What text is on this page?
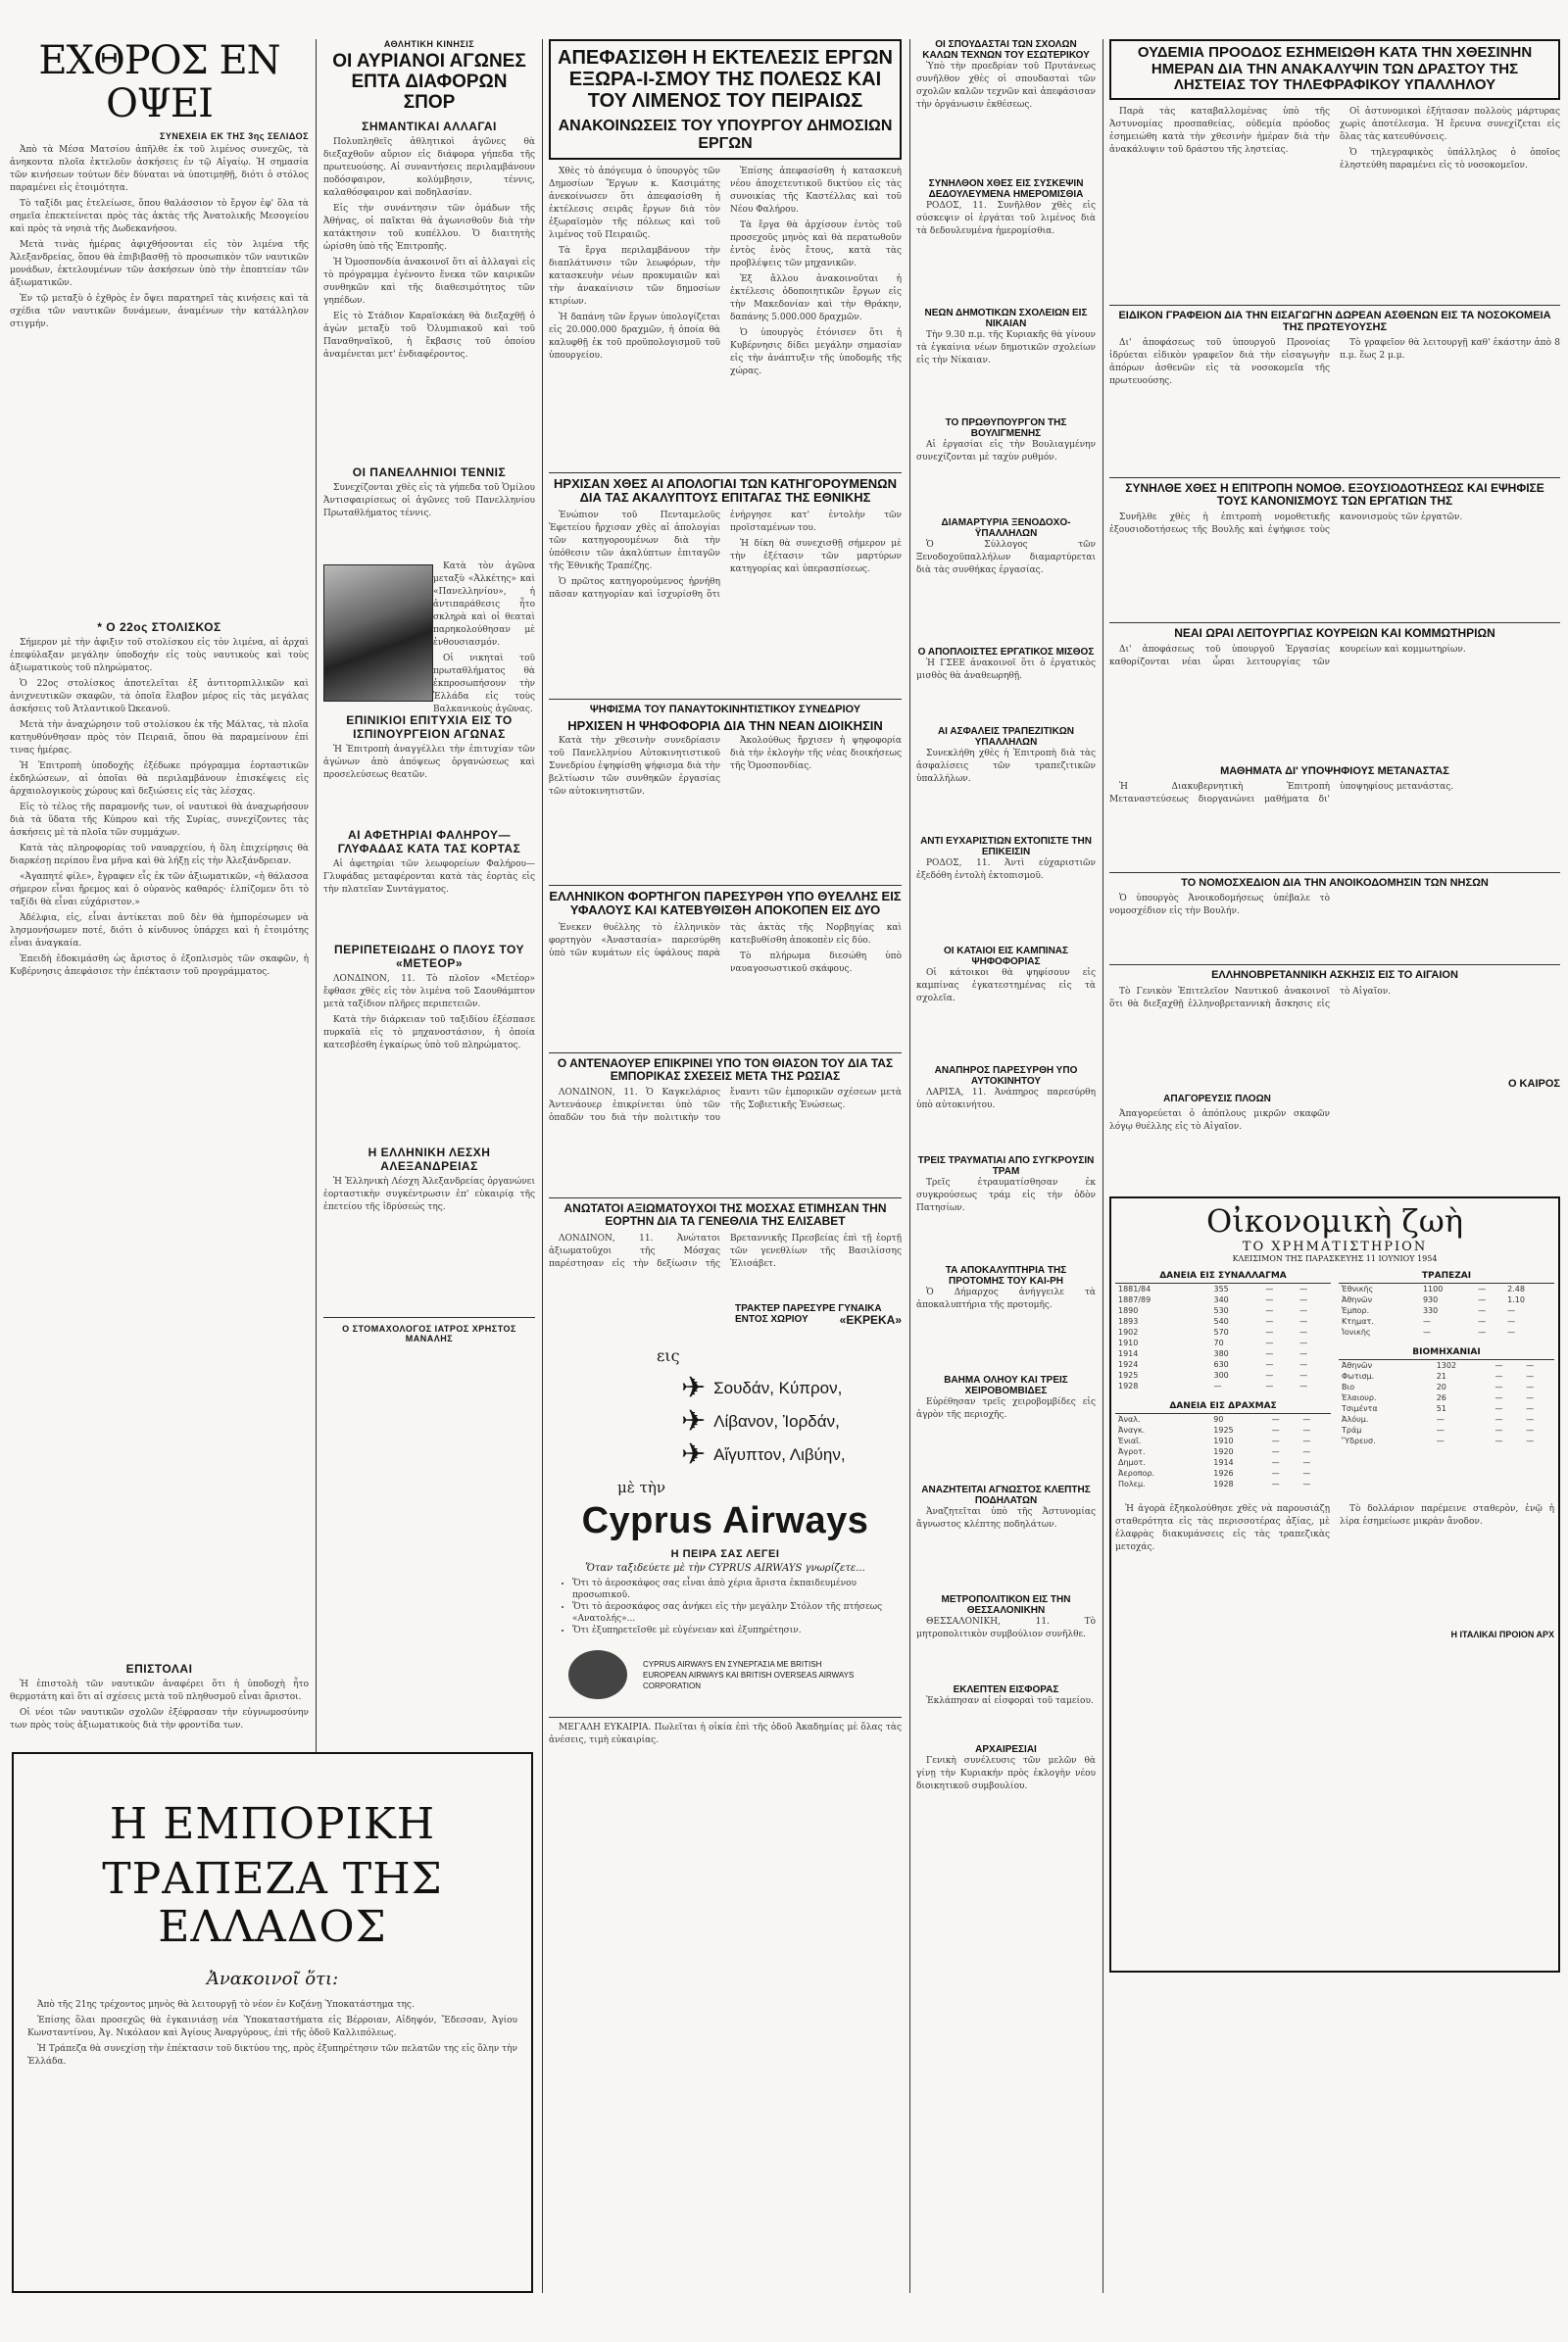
ΕΧΘΡΟΣ ΕΝ ΟΨΕΙ
ΣΥΝΕΧΕΙΑ ΕΚ ΤΗΣ 3ης ΣΕΛΙΔΟΣ

Ἀπὸ τὰ Μέσα Ματσίου ἀπῆλθε ἐκ τοῦ λιμένος συνεχῶς, τὰ ἀνηκοντα πλοῖα ἐκτελοῦν ἀσκήσεις ἐν τῷ Αἰγαίῳ. Ἡ σημασία τῶν κινήσεων τούτων δὲν δύναται νὰ ὑποτιμηθῇ, διότι ὁ στόλος παραμένει εἰς ἐτοιμότητα.

Τὸ ταξίδι μας ἐτελείωσε, ὅπου θαλάσσιον τὸ ἔργον ἐφ' ὅλα τὰ σημεῖα ἐπεκτείνεται πρὸς τὰς ἀκτὰς τῆς Ἀνατολικῆς Μεσογείου καὶ πρὸς τὰ νησιὰ τῆς Δωδεκανήσου.

Μετὰ τινὰς ἡμέρας ἀφιχθήσονται εἰς τὸν λιμένα τῆς Ἀλεξανδρείας, ὅπου θὰ ἐπιβιβασθῇ τὸ προσωπικὸν τῶν ναυτικῶν μονάδων, ἐκτελουμένων τῶν ἀσκήσεων ὑπὸ τὴν ἐποπτείαν τῶν ἀξιωματικῶν.

Ἐν τῷ μεταξὺ ὁ ἐχθρὸς ἐν ὄψει παρατηρεῖ τὰς κινήσεις καὶ τὰ σχέδια τῶν ναυτικῶν δυνάμεων, ἀναμένων τὴν κατάλληλον στιγμήν.

* Ο 22ος ΣΤΟΛΙΣΚΟΣ

Σήμερον μὲ τὴν ἀφιξιν τοῦ στολίσκου εἰς τὸν λιμένα, αἱ ἀρχαὶ ἐπεφύλαξαν μεγάλην ὑποδοχήν εἰς τοὺς ναυτικοὺς καὶ τοὺς ἀξιωματικοὺς τοῦ πληρώματος.

Ὁ 22ος στολίσκος ἀποτελεῖται ἐξ ἀντιτορπιλλικῶν καὶ ἀνιχνευτικῶν σκαφῶν, τὰ ὁποῖα ἔλαβον μέρος εἰς τὰς μεγάλας ἀσκήσεις τοῦ Ἀτλαντικοῦ Ὠκεανοῦ.

Μετὰ τὴν ἀναχώρησιν τοῦ στολίσκου ἐκ τῆς Μάλτας, τὰ πλοῖα κατηυθύνθησαν πρὸς τὸν Πειραιᾶ, ὅπου θὰ παραμείνουν ἐπί τινας ἡμέρας.

Ἡ Ἐπιτροπὴ ὑποδοχῆς ἐξέδωκε πρόγραμμα ἑορταστικῶν ἐκδηλώσεων, αἱ ὁποῖαι θὰ περιλαμβάνουν ἐπισκέψεις εἰς ἀρχαιολογικοὺς χώρους καὶ δεξιώσεις εἰς τὰς λέσχας.

Εἰς τὸ τέλος τῆς παραμονῆς των, οἱ ναυτικοὶ θὰ ἀναχωρήσουν διὰ τὰ ὕδατα τῆς Κύπρου καὶ τῆς Συρίας, συνεχίζοντες τὰς ἀσκήσεις μὲ τὰ πλοῖα τῶν συμμάχων.

Κατὰ τὰς πληροφορίας τοῦ ναυαρχείου, ἡ ὅλη ἐπιχείρησις θὰ διαρκέσῃ περίπου ἕνα μῆνα καὶ θὰ λήξῃ εἰς τὴν Ἀλεξάνδρειαν.

«Ἀγαπητέ φίλε», ἔγραφεν εἷς ἐκ τῶν ἀξιωματικῶν, «ἡ θάλασσα σήμερον εἶναι ἤρεμος καὶ ὁ οὐρανὸς καθαρός· ἐλπίζομεν ὅτι τὸ ταξίδι θὰ εἶναι εὐχάριστον.»

Ἀδέλφια, εἰς, εἶναι ἀντίκεται ποῦ δὲν θὰ ἠμπορέσωμεν νὰ λησμονήσωμεν ποτέ, διότι ὁ κίνδυνος ὑπάρχει καὶ ἡ ἐτοιμότης εἶναι ἀναγκαία.

Ἐπειδὴ ἐδοκιμάσθη ὡς ἄριστος ὁ ἐξοπλισμὸς τῶν σκαφῶν, ἡ Κυβέρνησις ἀπεφάσισε τὴν ἐπέκτασιν τοῦ προγράμματος.

ΕΠΙΣΤΟΛΑΙ

Ἡ ἐπιστολὴ τῶν ναυτικῶν ἀναφέρει ὅτι ἡ ὑποδοχὴ ἦτο θερμοτάτη καὶ ὅτι αἱ σχέσεις μετὰ τοῦ πληθυσμοῦ εἶναι ἄριστοι.

Οἱ νέοι τῶν ναυτικῶν σχολῶν ἐξέφρασαν τὴν εὐγνωμοσύνην των πρὸς τοὺς ἀξιωματικοὺς διὰ τὴν φροντίδα των.

ΑΘΛΗΤΙΚΗ ΚΙΝΗΣΙΣ
ΟΙ ΑΥΡΙΑΝΟΙ ΑΓΩΝΕΣ ΕΠΤΑ ΔΙΑΦΟΡΩΝ ΣΠΟΡ
ΣΗΜΑΝΤΙΚΑΙ ΑΛΛΑΓΑΙ

Πολυπληθεῖς ἀθλητικοὶ ἀγῶνες θὰ διεξαχθοῦν αὔριον εἰς διάφορα γήπεδα τῆς πρωτευούσης. Αἱ συναντήσεις περιλαμβάνουν ποδόσφαιρον, κολύμβησιν, τέννις, καλαθόσφαιρον καὶ ποδηλασίαν.

Εἰς τὴν συνάντησιν τῶν ὁμάδων τῆς Ἀθήνας, οἱ παῖκται θὰ ἀγωνισθοῦν διὰ τὴν κατάκτησιν τοῦ κυπέλλου. Ὁ διαιτητὴς ὡρίσθη ὑπὸ τῆς Ἐπιτροπῆς.

Ἡ Ὁμοσπονδία ἀνακοινοῖ ὅτι αἱ ἀλλαγαὶ εἰς τὸ πρόγραμμα ἐγένοντο ἕνεκα τῶν καιρικῶν συνθηκῶν καὶ τῆς διαθεσιμότητος τῶν γηπέδων.

Εἰς τὸ Στάδιον Καραϊσκάκη θὰ διεξαχθῇ ὁ ἀγὼν μεταξὺ τοῦ Ὀλυμπιακοῦ καὶ τοῦ Παναθηναϊκοῦ, ἡ ἔκβασις τοῦ ὁποίου ἀναμένεται μετ' ἐνδιαφέροντος.

ΟΙ ΠΑΝΕΛΛΗΝΙΟΙ ΤΕΝΝΙΣ

Συνεχίζονται χθὲς εἰς τὰ γήπεδα τοῦ Ὁμίλου Ἀντισφαιρίσεως οἱ ἀγῶνες τοῦ Πανελληνίου Πρωταθλήματος τέννις.

Κατὰ τὸν ἀγῶνα μεταξὺ «Ἀλκέτης» καὶ «Πανελληνίου», ἡ ἀντιπαράθεσις ἦτο σκληρὰ καὶ οἱ θεαταὶ παρηκολούθησαν μὲ ἐνθουσιασμόν.

Οἱ νικηταὶ τοῦ πρωταθλήματος θὰ ἐκπροσωπήσουν τὴν Ἑλλάδα εἰς τοὺς Βαλκανικοὺς ἀγῶνας.

ΕΠΙΝΙΚΙΟΙ ΕΠΙΤΥΧΙΑ ΕΙΣ ΤΟ ΙΣΠΙΝΟΥΡΓΕΙΟΝ ΑΓΩΝΑΣ

Ἡ Ἐπιτροπὴ ἀναγγέλλει τὴν ἐπιτυχίαν τῶν ἀγώνων ἀπὸ ἀπόψεως ὀργανώσεως καὶ προσελεύσεως θεατῶν.

ΑΙ ΑΦΕΤΗΡΙΑΙ ΦΑΛΗΡΟΥ—ΓΛΥΦΑΔΑΣ ΚΑΤΑ ΤΑΣ ΚΟΡΤΑΣ

Αἱ ἀφετηρίαι τῶν λεωφορείων Φαλήρου—Γλυφάδας μεταφέρονται κατὰ τὰς ἑορτὰς εἰς τὴν πλατεῖαν Συντάγματος.

ΠΕΡΙΠΕΤΕΙΩΔΗΣ Ο ΠΛΟΥΣ ΤΟΥ «ΜΕΤΕΟΡ»

ΛΟΝΔΙΝΟΝ, 11. Τὸ πλοῖον «Μετέορ» ἔφθασε χθὲς εἰς τὸν λιμένα τοῦ Σαουθάμπτον μετὰ ταξίδιον πλῆρες περιπετειῶν.

Κατὰ τὴν διάρκειαν τοῦ ταξιδίου ἐξέσπασε πυρκαϊὰ εἰς τὸ μηχανοστάσιον, ἡ ὁποία κατεσβέσθη ἐγκαίρως ὑπὸ τοῦ πληρώματος.

Η ΕΛΛΗΝΙΚΗ ΛΕΣΧΗ ΑΛΕΞΑΝΔΡΕΙΑΣ

Ἡ Ἑλληνικὴ Λέσχη Ἀλεξανδρείας ὀργανώνει ἑορταστικὴν συγκέντρωσιν ἐπ' εὐκαιρίᾳ τῆς ἐπετείου τῆς ἱδρύσεώς της.

Ο ΣΤΟΜΑΧΟΛΟΓΟΣ ΙΑΤΡΟΣ ΧΡΗΣΤΟΣ ΜΑΝΑΛΗΣ
Η ΕΜΠΟΡΙΚΗ
ΤΡΑΠΕΖΑ ΤΗΣ ΕΛΛΑΔΟΣ
Ἀνακοινοῖ ὅτι:

Ἀπὸ τῆς 21ης τρέχοντος μηνὸς θὰ λειτουργῇ τὸ νέον ἐν Κοζάνῃ Ὑποκατάστημα της.

Ἐπίσης ὅλαι προσεχῶς θὰ ἐγκαινιάσῃ νέα Ὑποκαταστήματα εἰς Βέρροιαν, Αἰδηψόν, Ἔδεσσαν, Ἁγίου Κωνσταντίνου, Ἀγ. Νικόλαον καὶ Ἀγίους Ἀναργύρους, ἐπὶ τῆς ὁδοῦ Καλλιπόλεως.

Ἡ Τράπεζα θὰ συνεχίσῃ τὴν ἐπέκτασιν τοῦ δικτύου της, πρὸς ἐξυπηρέτησιν τῶν πελατῶν της εἰς ὅλην τὴν Ἑλλάδα.

ΑΠΕΦΑΣΙΣΘΗ Η ΕΚΤΕΛΕΣΙΣ ΕΡΓΩΝ ΕΞΩΡΑ-Ι-ΣΜΟΥ ΤΗΣ ΠΟΛΕΩΣ ΚΑΙ ΤΟΥ ΛΙΜΕΝΟΣ ΤΟΥ ΠΕΙΡΑΙΩΣ
ΑΝΑΚΟΙΝΩΣΕΙΣ ΤΟΥ ΥΠΟΥΡΓΟΥ ΔΗΜΟΣΙΩΝ ΕΡΓΩΝ

Χθὲς τὸ ἀπόγευμα ὁ ὑπουργὸς τῶν Δημοσίων Ἔργων κ. Κασιμάτης ἀνεκοίνωσεν ὅτι ἀπεφασίσθη ἡ ἐκτέλεσις σειρᾶς ἔργων διὰ τὸν ἐξωραϊσμὸν τῆς πόλεως καὶ τοῦ λιμένος τοῦ Πειραιῶς.

Τὰ ἔργα περιλαμβάνουν τὴν διαπλάτυνσιν τῶν λεωφόρων, τὴν κατασκευὴν νέων προκυμαιῶν καὶ τὴν ἀνακαίνισιν τῶν δημοσίων κτιρίων.

Ἡ δαπάνη τῶν ἔργων ὑπολογίζεται εἰς 20.000.000 δραχμῶν, ἡ ὁποία θὰ καλυφθῇ ἐκ τοῦ προϋπολογισμοῦ τοῦ ὑπουργείου.

Ἐπίσης ἀπεφασίσθη ἡ κατασκευὴ νέου ἀποχετευτικοῦ δικτύου εἰς τὰς συνοικίας τῆς Καστέλλας καὶ τοῦ Νέου Φαλήρου.

Τὰ ἔργα θὰ ἀρχίσουν ἐντὸς τοῦ προσεχοῦς μηνὸς καὶ θὰ περατωθοῦν ἐντὸς ἑνὸς ἔτους, κατὰ τὰς προβλέψεις τῶν μηχανικῶν.

Ἐξ ἄλλου ἀνακοινοῦται ἡ ἐκτέλεσις ὁδοποιητικῶν ἔργων εἰς τὴν Μακεδονίαν καὶ τὴν Θράκην, δαπάνης 5.000.000 δραχμῶν.

Ὁ ὑπουργὸς ἐτόνισεν ὅτι ἡ Κυβέρνησις δίδει μεγάλην σημασίαν εἰς τὴν ἀνάπτυξιν τῆς ὑποδομῆς τῆς χώρας.

ΗΡΧΙΣΑΝ ΧΘΕΣ ΑΙ ΑΠΟΛΟΓΙΑΙ ΤΩΝ ΚΑΤΗΓΟΡΟΥΜΕΝΩΝ ΔΙΑ ΤΑΣ ΑΚΑΛΥΠΤΟΥΣ ΕΠΙΤΑΓΑΣ ΤΗΣ ΕΘΝΙΚΗΣ

Ἐνώπιον τοῦ Πενταμελοῦς Ἐφετείου ἤρχισαν χθὲς αἱ ἀπολογίαι τῶν κατηγορουμένων διὰ τὴν ὑπόθεσιν τῶν ἀκαλύπτων ἐπιταγῶν τῆς Ἐθνικῆς Τραπέζης.

Ὁ πρῶτος κατηγορούμενος ἠρνήθη πᾶσαν κατηγορίαν καὶ ἰσχυρίσθη ὅτι ἐνήργησε κατ' ἐντολὴν τῶν προϊσταμένων του.

Ἡ δίκη θὰ συνεχισθῇ σήμερον μὲ τὴν ἐξέτασιν τῶν μαρτύρων κατηγορίας καὶ ὑπερασπίσεως.

ΨΗΦΙΣΜΑ ΤΟΥ ΠΑΝΑΥΤΟΚΙΝΗΤΙΣΤΙΚΟΥ ΣΥΝΕΔΡΙΟΥ
ΗΡΧΙΣΕΝ Η ΨΗΦΟΦΟΡΙΑ ΔΙΑ ΤΗΝ ΝΕΑΝ ΔΙΟΙΚΗΣΙΝ

Κατὰ τὴν χθεσινὴν συνεδρίασιν τοῦ Πανελληνίου Αὐτοκινητιστικοῦ Συνεδρίου ἐψηφίσθη ψήφισμα διὰ τὴν βελτίωσιν τῶν συνθηκῶν ἐργασίας τῶν αὐτοκινητιστῶν.

Ἀκολούθως ἤρχισεν ἡ ψηφοφορία διὰ τὴν ἐκλογὴν τῆς νέας διοικήσεως τῆς Ὁμοσπονδίας.

ΕΛΛΗΝΙΚΟΝ ΦΟΡΤΗΓΟΝ ΠΑΡΕΣΥΡΘΗ ΥΠΟ ΘΥΕΛΛΗΣ ΕΙΣ ΥΦΑΛΟΥΣ ΚΑΙ ΚΑΤΕΒΥΘΙΣΘΗ ΑΠΟΚΟΠΕΝ ΕΙΣ ΔΥΟ

Ἐνεκεν θυέλλης τὸ ἑλληνικὸν φορτηγὸν «Ἀναστασία» παρεσύρθη ὑπὸ τῶν κυμάτων εἰς ὑφάλους παρὰ τὰς ἀκτὰς τῆς Νορβηγίας καὶ κατεβυθίσθη ἀποκοπὲν εἰς δύο.

Τὸ πλήρωμα διεσώθη ὑπὸ ναυαγοσωστικοῦ σκάφους.

Ο ΑΝΤΕΝΑΟΥΕΡ ΕΠΙΚΡΙΝΕΙ ΥΠΟ ΤΟΝ ΘΙΑΣΟΝ ΤΟΥ ΔΙΑ ΤΑΣ ΕΜΠΟΡΙΚΑΣ ΣΧΕΣΕΙΣ ΜΕΤΑ ΤΗΣ ΡΩΣΙΑΣ

ΛΟΝΔΙΝΟΝ, 11. Ὁ Καγκελάριος Ἀντενάουερ ἐπικρίνεται ὑπὸ τῶν ὀπαδῶν του διὰ τὴν πολιτικὴν του ἔναντι τῶν ἐμπορικῶν σχέσεων μετὰ τῆς Σοβιετικῆς Ἑνώσεως.

ΑΝΩΤΑΤΟΙ ΑΞΙΩΜΑΤΟΥΧΟΙ ΤΗΣ ΜΟΣΧΑΣ ΕΤΙΜΗΣΑΝ ΤΗΝ ΕΟΡΤΗΝ ΔΙΑ ΤΑ ΓΕΝΕΘΛΙΑ ΤΗΣ ΕΛΙΣΑΒΕΤ

ΛΟΝΔΙΝΟΝ, 11. Ἀνώτατοι ἀξιωματοῦχοι τῆς Μόσχας παρέστησαν εἰς τὴν δεξίωσιν τῆς Βρεταννικῆς Πρεσβείας ἐπὶ τῇ ἑορτῇ τῶν γενεθλίων τῆς Βασιλίσσης Ἐλισάβετ.

ΤΡΑΚΤΕΡ ΠΑΡΕΣΥΡΕ ΓΥΝΑΙΚΑ ΕΝΤΟΣ ΧΩΡΙΟΥ	«ΕΚΡΕΚΑ»
εις
✈ Σουδάν, Κύπρον,
✈ Λίβανον, Ἰορδάν,
✈ Αἴγυπτον, Λιβύην,
μὲ τὴν
Cyprus Airways
Η ΠΕΙΡΑ ΣΑΣ ΛΕΓΕΙ
Ὅταν ταξιδεύετε μὲ τὴν CYPRUS AIRWAYS γνωρίζετε...
• Ὅτι τὸ ἀεροσκάφος σας εἶναι ἀπὸ χέρια ἄριστα ἐκπαιδευμένου προσωπικοῦ.
• Ὅτι τὸ ἀεροσκάφος σας ἀνήκει εἰς τὴν μεγάλην Στόλον τῆς πτήσεως «Ανατολής»...
• Ὅτι ἐξυπηρετεῖσθε μὲ εὐγένειαν καὶ ἐξυπηρέτησιν.
CYPRUS AIRWAYS ΕΝ ΣΥΝΕΡΓΑΣΙΑ ΜΕ BRITISH EUROPEAN AIRWAYS ΚΑΙ BRITISH OVERSEAS AIRWAYS CORPORATION

ΜΕΓΑΛΗ ΕΥΚΑΙΡΙΑ. Πωλεῖται ἡ οἰκία ἐπὶ τῆς ὁδοῦ Ἀκαδημίας μὲ ὅλας τὰς ἀνέσεις, τιμὴ εὐκαιρίας.

ΟΙ ΣΠΟΥΔΑΣΤΑΙ ΤΩΝ ΣΧΟΛΩΝ ΚΑΛΩΝ ΤΕΧΝΩΝ ΤΟΥ ΕΣΩΤΕΡΙΚΟΥ

Ὑπὸ τὴν προεδρίαν τοῦ Πρυτάνεως συνῆλθον χθὲς οἱ σπουδασταὶ τῶν σχολῶν καλῶν τεχνῶν καὶ ἀπεφάσισαν τὴν ὀργάνωσιν ἐκθέσεως.

ΣΥΝΗΛΘΟΝ ΧΘΕΣ ΕΙΣ ΣΥΣΚΕΨΙΝ ΔΕΔΟΥΛΕΥΜΕΝΑ ΗΜΕΡΟΜΙΣΘΙΑ

ΡΟΔΟΣ, 11. Συνῆλθον χθὲς εἰς σύσκεψιν οἱ ἐργάται τοῦ λιμένος διὰ τὰ δεδουλευμένα ἡμερομίσθια.

ΝΕΩΝ ΔΗΜΟΤΙΚΩΝ ΣΧΟΛΕΙΩΝ ΕΙΣ ΝΙΚΑΙΑΝ

Τὴν 9.30 π.μ. τῆς Κυριακῆς θὰ γίνουν τὰ ἐγκαίνια νέων δημοτικῶν σχολείων εἰς τὴν Νίκαιαν.

ΤΟ ΠΡΩΘΥΠΟΥΡΓΟΝ ΤΗΣ ΒΟΥΛΙΓΜΕΝΗΣ

Αἱ ἐργασίαι εἰς τὴν Βουλιαγμένην συνεχίζονται μὲ ταχὺν ρυθμόν.

ΔΙΑΜΑΡΤΥΡΙΑ ΞΕΝΟΔΟΧΟ-ΫΠΑΛΛΗΛΩΝ

Ὁ Σύλλογος τῶν Ξενοδοχοϋπαλλήλων διαμαρτύρεται διὰ τὰς συνθήκας ἐργασίας.

Ο ΑΠΟΠΛΟΙΣΤΕΣ ΕΡΓΑΤΙΚΟΣ ΜΙΣΘΟΣ

Ἡ ΓΣΕΕ ἀνακοινοῖ ὅτι ὁ ἐργατικὸς μισθὸς θὰ ἀναθεωρηθῇ.

ΑΙ ΑΣΦΑΛΕΙΣ ΤΡΑΠΕΖΙΤΙΚΩΝ ΥΠΑΛΛΗΛΩΝ

Συνεκλήθη χθὲς ἡ Ἐπιτροπὴ διὰ τὰς ἀσφαλίσεις τῶν τραπεζιτικῶν ὑπαλλήλων.

ΑΝΤΙ ΕΥΧΑΡΙΣΤΙΩΝ ΕΧΤΟΠΙΣΤΕ ΤΗΝ ΕΠΙΚΕΙΣΙΝ

ΡΟΔΟΣ, 11. Ἀντὶ εὐχαριστιῶν ἐξεδόθη ἐντολὴ ἐκτοπισμοῦ.

ΟΙ ΚΑΤΑΙΟΙ ΕΙΣ ΚΑΜΠΙΝΑΣ ΨΗΦΟΦΟΡΙΑΣ

Οἱ κάτοικοι θὰ ψηφίσουν εἰς καμπίνας ἐγκατεστημένας εἰς τὰ σχολεῖα.

ΑΝΑΠΗΡΟΣ ΠΑΡΕΣΥΡΘΗ ΥΠΟ ΑΥΤΟΚΙΝΗΤΟΥ

ΛΑΡΙΣΑ, 11. Ἀνάπηρος παρεσύρθη ὑπὸ αὐτοκινήτου.

ΤΡΕΙΣ ΤΡΑΥΜΑΤΙΑΙ ΑΠΟ ΣΥΓΚΡΟΥΣΙΝ ΤΡΑΜ

Τρεῖς ἐτραυματίσθησαν ἐκ συγκρούσεως τράμ εἰς τὴν ὁδὸν Πατησίων.

ΤΑ ΑΠΟΚΑΛΥΠΤΗΡΙΑ ΤΗΣ ΠΡΟΤΟΜΗΣ ΤΟΥ ΚΑΙ-ΡΗ

Ὁ Δήμαρχος ἀνήγγειλε τὰ ἀποκαλυπτήρια τῆς προτομῆς.

ΒΑΗΜΑ ΟΛΗΟΥ ΚΑΙ ΤΡΕΙΣ ΧΕΙΡΟΒΟΜΒΙΔΕΣ

Εὑρέθησαν τρεῖς χειροβομβίδες εἰς ἀγρὸν τῆς περιοχῆς.

ΑΝΑΖΗΤΕΙΤΑΙ ΑΓΝΩΣΤΟΣ ΚΛΕΠΤΗΣ ΠΟΔΗΛΑΤΩΝ

Ἀναζητεῖται ὑπὸ τῆς Ἀστυνομίας ἄγνωστος κλέπτης ποδηλάτων.

ΜΕΤΡΟΠΟΛΙΤΙΚΟΝ ΕΙΣ ΤΗΝ ΘΕΣΣΑΛΟΝΙΚΗΝ

ΘΕΣΣΑΛΟΝΙΚΗ, 11. Τὸ μητροπολιτικὸν συμβούλιον συνῆλθε.

ΕΚΛΕΠΤΕΝ ΕΙΣΦΟΡΑΣ

Ἐκλάπησαν αἱ εἰσφοραὶ τοῦ ταμείου.

ΑΡΧΑΙΡΕΣΙΑΙ

Γενικὴ συνέλευσις τῶν μελῶν θὰ γίνῃ τὴν Κυριακήν πρὸς ἐκλογὴν νέου διοικητικοῦ συμβουλίου.

ΟΥΔΕΜΙΑ ΠΡΟΟΔΟΣ ΕΣΗΜΕΙΩΘΗ ΚΑΤΑ ΤΗΝ ΧΘΕΣΙΝΗΝ ΗΜΕΡΑΝ ΔΙΑ ΤΗΝ ΑΝΑΚΑΛΥΨΙΝ ΤΩΝ ΔΡΑΣΤΟΥ ΤΗΣ ΛΗΣΤΕΙΑΣ ΤΟΥ ΤΗΛΕΦΡΑΦΙΚΟΥ ΥΠΑΛΛΗΛΟΥ

Παρὰ τὰς καταβαλλομένας ὑπὸ τῆς Ἀστυνομίας προσπαθείας, οὐδεμία πρόοδος ἐσημειώθη κατὰ τὴν χθεσινὴν ἡμέραν διὰ τὴν ἀνακάλυψιν τοῦ δράστου τῆς ληστείας.

Οἱ ἀστυνομικοὶ ἐξήτασαν πολλοὺς μάρτυρας χωρὶς ἀποτέλεσμα. Ἡ ἔρευνα συνεχίζεται εἰς ὅλας τὰς κατευθύνσεις.

Ὁ τηλεγραφικὸς ὑπάλληλος ὁ ὁποῖος ἐληστεύθη παραμένει εἰς τὸ νοσοκομεῖον.

ΕΙΔΙΚΟΝ ΓΡΑΦΕΙΟΝ ΔΙΑ ΤΗΝ ΕΙΣΑΓΩΓΗΝ ΔΩΡΕΑΝ ΑΣΘΕΝΩΝ ΕΙΣ ΤΑ ΝΟΣΟΚΟΜΕΙΑ ΤΗΣ ΠΡΩΤΕΥΟΥΣΗΣ

Δι' ἀποφάσεως τοῦ ὑπουργοῦ Προνοίας ἱδρύεται εἰδικὸν γραφεῖον διὰ τὴν εἰσαγωγὴν ἀπόρων ἀσθενῶν εἰς τὰ νοσοκομεῖα τῆς πρωτευούσης.

Τὸ γραφεῖον θὰ λειτουργῇ καθ' ἑκάστην ἀπὸ 8 π.μ. ἕως 2 μ.μ.

ΣΥΝΗΛΘΕ ΧΘΕΣ Η ΕΠΙΤΡΟΠΗ ΝΟΜΟΘ. ΕΞΟΥΣΙΟΔΟΤΗΣΕΩΣ ΚΑΙ ΕΨΗΦΙΣΕ ΤΟΥΣ ΚΑΝΟΝΙΣΜΟΥΣ ΤΩΝ ΕΡΓΑΤΙΩΝ ΤΗΣ

Συνῆλθε χθὲς ἡ ἐπιτροπὴ νομοθετικῆς ἐξουσιοδοτήσεως τῆς Βουλῆς καὶ ἐψήφισε τοὺς κανονισμοὺς τῶν ἐργατῶν.

ΝΕΑΙ ΩΡΑΙ ΛΕΙΤΟΥΡΓΙΑΣ ΚΟΥΡΕΙΩΝ ΚΑΙ ΚΟΜΜΩΤΗΡΙΩΝ

Δι' ἀποφάσεως τοῦ ὑπουργοῦ Ἐργασίας καθορίζονται νέαι ὧραι λειτουργίας τῶν κουρείων καὶ κομμωτηρίων.

ΜΑΘΗΜΑΤΑ ΔΙ' ΥΠΟΨΗΦΙΟΥΣ ΜΕΤΑΝΑΣΤΑΣ

Ἡ Διακυβερνητικὴ Ἐπιτροπὴ Μεταναστεύσεως διοργανώνει μαθήματα δι' ὑποψηφίους μετανάστας.

ΤΟ ΝΟΜΟΣΧΕΔΙΟΝ ΔΙΑ ΤΗΝ ΑΝΟΙΚΟΔΟΜΗΣΙΝ ΤΩΝ ΝΗΣΩΝ

Ὁ ὑπουργὸς Ἀνοικοδομήσεως ὑπέβαλε τὸ νομοσχέδιον εἰς τὴν Βουλήν.

ΕΛΛΗΝΟΒΡΕΤΑΝΝΙΚΗ ΑΣΚΗΣΙΣ ΕΙΣ ΤΟ ΑΙΓΑΙΟΝ

Τὸ Γενικὸν Ἐπιτελεῖον Ναυτικοῦ ἀνακοινοῖ ὅτι θὰ διεξαχθῇ ἑλληνοβρεταννικὴ ἄσκησις εἰς τὸ Αἰγαῖον.

Ο ΚΑΙΡΟΣ
ΑΠΑΓΟΡΕΥΣΙΣ ΠΛΟΩΝ

Ἀπαγορεύεται ὁ ἀπόπλους μικρῶν σκαφῶν λόγῳ θυέλλης εἰς τὸ Αἰγαῖον.

Οἰκονομικὴ ζωὴ
ΤΟ ΧΡΗΜΑΤΙΣΤΗΡΙΟΝ
ΚΛΕΙΣΙΜΟΝ ΤΗΣ ΠΑΡΑΣΚΕΥΗΣ 11 ΙΟΥΝΙΟΥ 1954
ΔΑΝΕΙΑ ΕΙΣ ΣΥΝΑΛΛΑΓΜΑ			
1881/84	355	—	—
1887/89	340	—	—
1890	530	—	—
1893	540	—	—
1902	570	—	—
1910	70	—	—
1914	380	—	—
1924	630	—	—
1925	300	—	—
1928	—	—	—
ΔΑΝΕΙΑ ΕΙΣ ΔΡΑΧΜΑΣ			
Ἀναλ.	90	—	—
Ἀναγκ.	1925	—	—
Ἑνιαῖ.	1910	—	—
Ἀγροτ.	1920	—	—
Δημοτ.	1914	—	—
Ἀεροπορ.	1926	—	—
Πολεμ.	1928	—	—
ΤΡΑΠΕΖΑΙ			
Ἐθνικῆς	1100	—	2.48
Ἀθηνῶν	930	—	1.10
Ἐμπορ.	330	—	—
Κτηματ.	—	—	—
Ἰονικῆς	—	—	—
ΒΙΟΜΗΧΑΝΙΑΙ			
Ἀθηνῶν	1302	—	—
Φωτισμ.	21	—	—
Βιο	20	—	—
Ἐλαιουρ.	26	—	—
Τσιμέντα	51	—	—
Ἀλόυμ.	—	—	—
Τράμ	—	—	—
Ὕδρευσ.	—	—	—

Ἡ ἀγορὰ ἐξηκολούθησε χθὲς νὰ παρουσιάζῃ σταθερότητα εἰς τὰς περισσοτέρας ἀξίας, μὲ ἐλαφρὰς διακυμάνσεις εἰς τὰς τραπεζικὰς μετοχάς.

Τὸ δολλάριον παρέμεινε σταθερὸν, ἐνῷ ἡ λίρα ἐσημείωσε μικρὰν ἄνοδον.

Η ΙΤΑΛΙΚΑΙ ΠΡΟΙΟΝ ΑΡΧ
